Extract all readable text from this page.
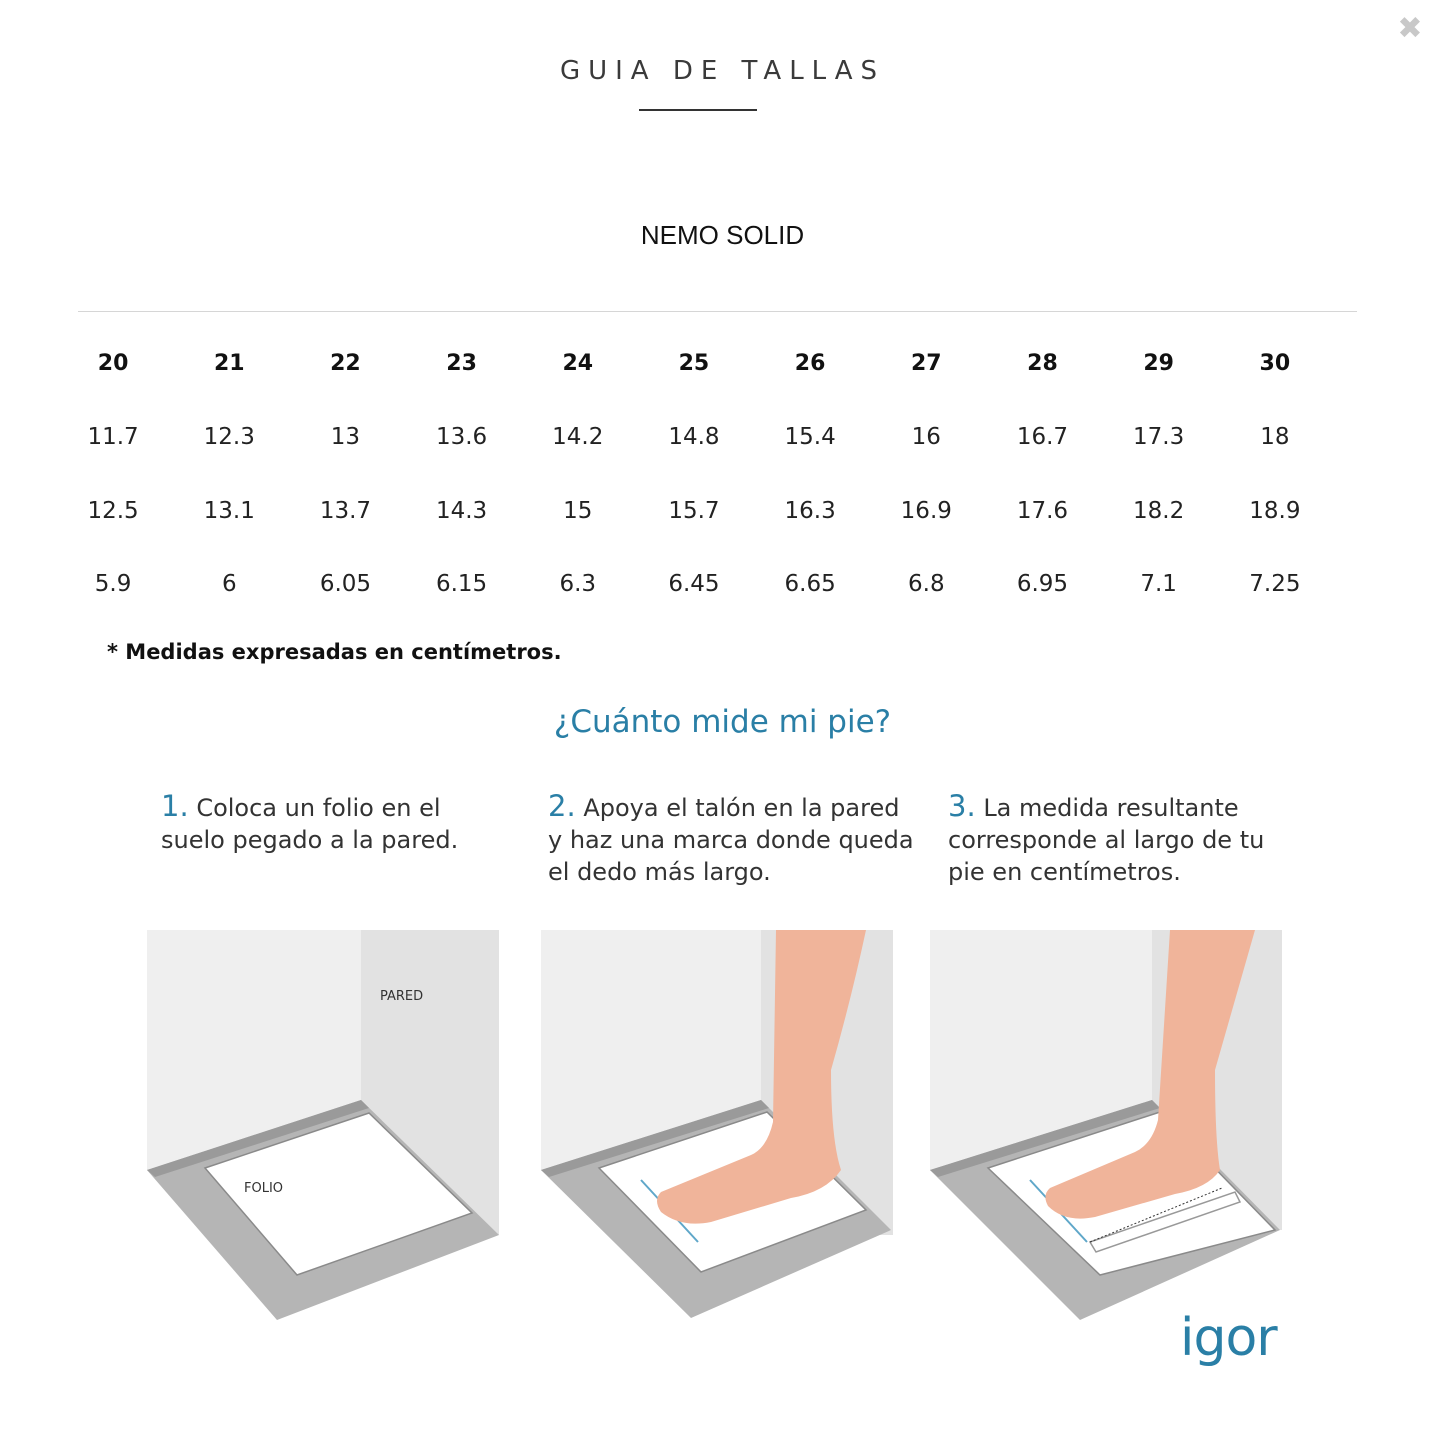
✖
GUIA DE TALLAS
NEMO SOLID
20	21	22	23	24	25	26	27	28	29	30
11.7	12.3	13	13.6	14.2	14.8	15.4	16	16.7	17.3	18
12.5	13.1	13.7	14.3	15	15.7	16.3	16.9	17.6	18.2	18.9
5.9	6	6.05	6.15	6.3	6.45	6.65	6.8	6.95	7.1	7.25
* Medidas expresadas en centímetros.
¿Cuánto mide mi pie?
1. Coloca un folio en el suelo pegado a la pared.
2. Apoya el talón en la pared y haz una marca donde queda el dedo más largo.
3. La medida resultante corresponde al largo de tu pie en centímetros.
PARED
FOLIO
igor
